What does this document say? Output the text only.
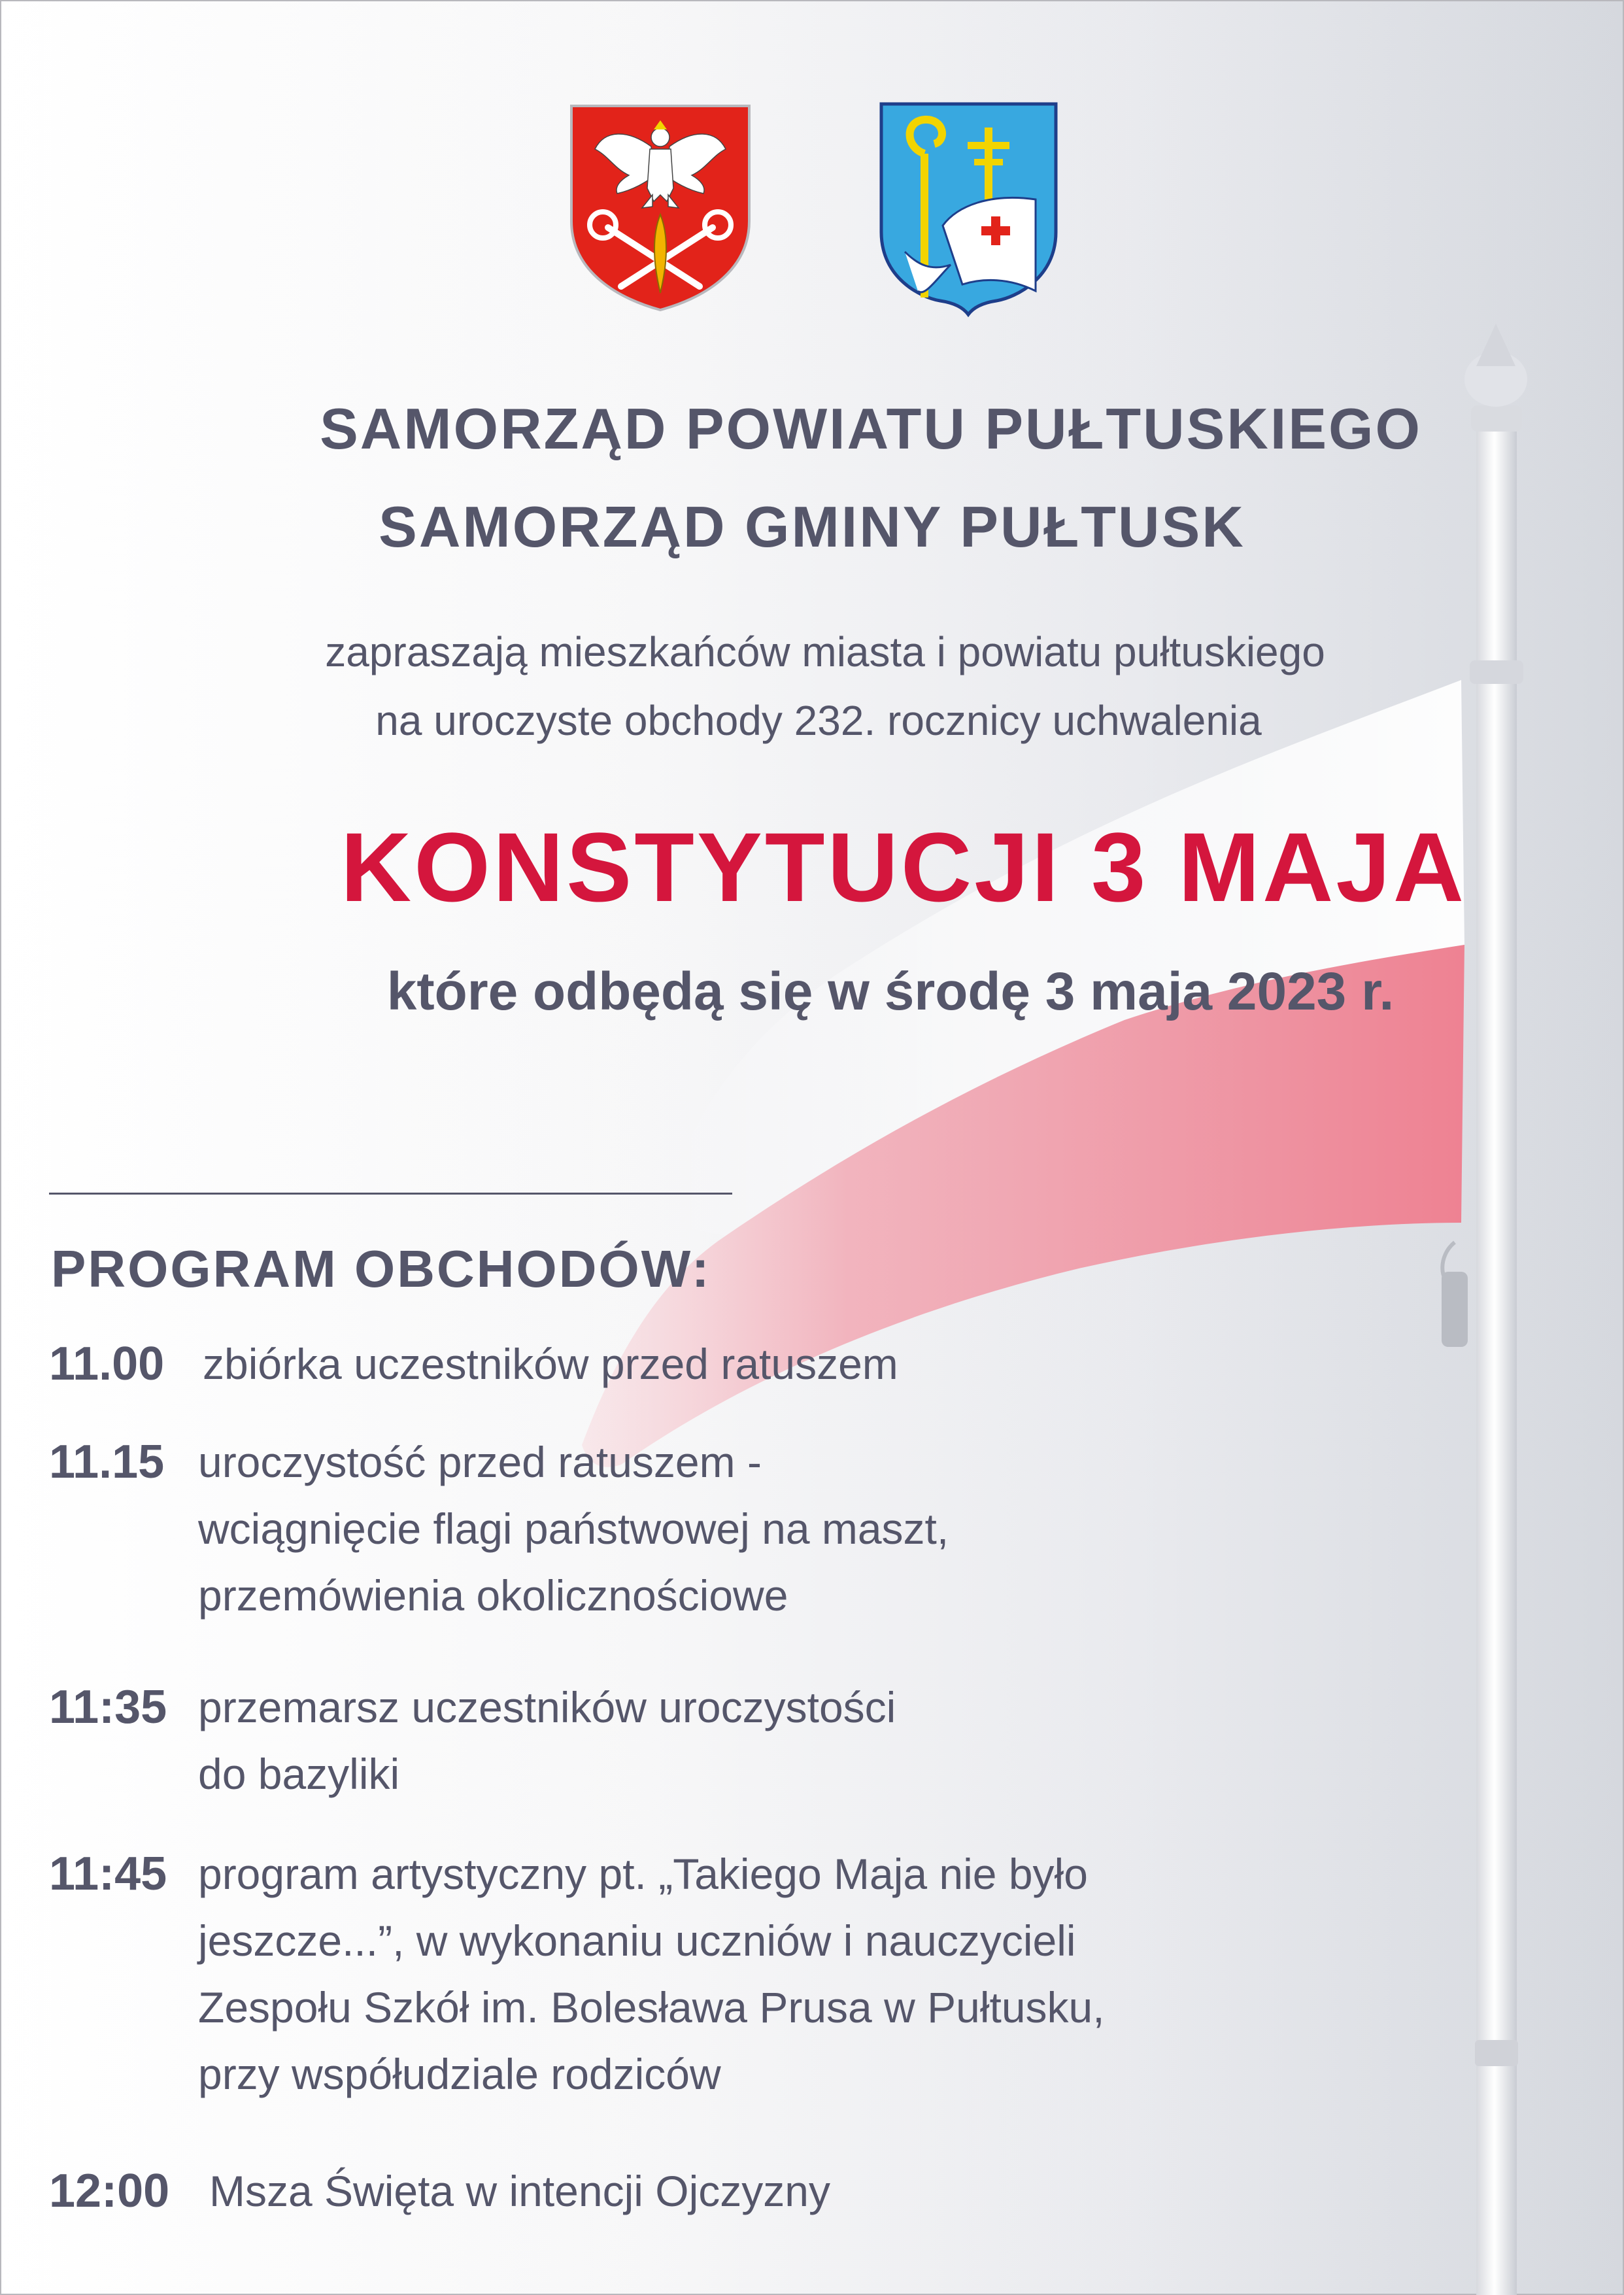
SAMORZĄD POWIATU PUŁTUSKIEGO
SAMORZĄD GMINY PUŁTUSK
zapraszają mieszkańców miasta i powiatu pułtuskiego
na uroczyste obchody 232. rocznicy uchwalenia
KONSTYTUCJI 3 MAJA
które odbędą się w środę 3 maja 2023 r.
PROGRAM OBCHODÓW:
11.00 zbiórka uczestników przed ratuszem
11.15 uroczystość przed ratuszem -
wciągnięcie flagi państwowej na maszt,
przemówienia okolicznościowe
11:35 przemarsz uczestników uroczystości
do bazyliki
11:45 program artystyczny pt. „Takiego Maja nie było
jeszcze...”, w wykonaniu uczniów i nauczycieli
Zespołu Szkół im. Bolesława Prusa w Pułtusku,
przy współudziale rodziców
12:00 Msza Święta w intencji Ojczyzny
